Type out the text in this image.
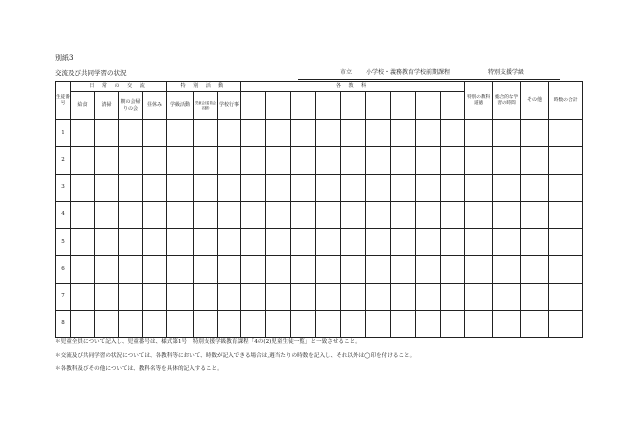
別紙3
交流及び共同学習の状況	市立 小学校・義務教育学校前期課程	特別支援学級
生徒番号	日 常 の 交 流				特 別 活 動			各 教 科									特別の教科道徳	総合的な学習の時間	その他	時数の合計
	給食	清掃	朝の会帰りの会	昼休み	学級活動	児童会(委員会活動)	学校行事													
1																				
2																				
3																				
4																				
5																				
6																				
7																				
8																				
＊児童全員について記入し、児童番号は、様式第1号　特別支援学級教育課程「4の(2)児童生徒一覧」と一致させること。
＊交流及び共同学習の状況については、各教科等において、時数が記入できる場合は,週当たりの時数を記入し、それ以外は◯印を付けること。
＊各教科及びその他については、教科名等を具体的記入すること。
